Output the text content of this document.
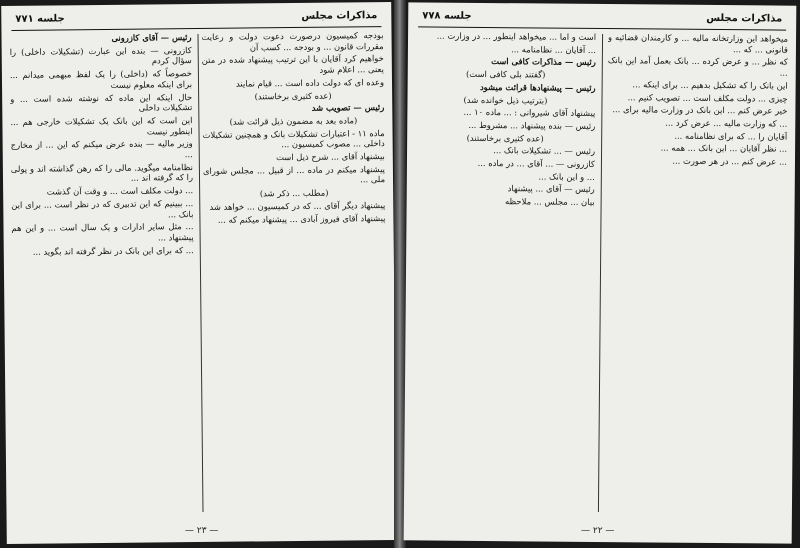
مذاکرات مجلس
جلسه ۷۷۱

بودجه کمیسیون درصورت دعوت دولت و رعایت مقررات قانون ... و بودجه ... کسب آن

خواهیم کرد آقایان با این ترتیب پیشنهاد شده در متن یعنی ... اعلام شود

وعده ای که دولت داده است ... قیام نمایند

(عده کثیری برخاستند)

رئیس — تصویب شد

(ماده بعد به مضمون ذیل قرائت شد)

ماده ۱۱ - اعتبارات تشکیلات بانک و همچنین تشکیلات داخلی ... مصوب کمیسیون ...

بیشنهاد آقای ... شرح ذیل است

پیشنهاد میکنم در ماده ... از قبیل ... مجلس شورای ملی ...

(مطلب ... ذکر شد)

پیشنهاد دیگر آقای ... که در کمیسیون ... خواهد شد

پیشنهاد آقای فیروز آبادی ... پیشنهاد میکنم که ...

رئیس — آقای کازرونی

کازرونی — بنده این عبارت (تشکیلات داخلی) را سؤال کردم

خصوصاً که (داخلی) را یک لفظ مبهمی میدانم ... برای اینکه معلوم نیست

حال اینکه این ماده که نوشته شده است ... و تشکیلات داخلی

این است که این بانک یک تشکیلات خارجی هم ... اینطور نیست

وزیر مالیه — بنده عرض میکنم که این ... از مخارج ...

نظامنامه میگوید. مالی را که رهن گذاشته اند و پولی را که گرفته اند ...

... دولت مکلف است ... و وقت آن گذشت

... ببینیم که این تدبیری که در نظر است ... برای این بانک ...

... مثل سایر ادارات و یک سال است ... و این هم پیشنهاد ...

... که برای این بانک در نظر گرفته اند بگوید ...

— ۲۳ —
مذاکرات مجلس
جلسه ۷۷۸

میخواهد این وزارتخانه مالیه ... و کارمندان قضائیه و قانونی ... که ...

که نظر ... و عرض کرده ... بانک بعمل آمد این بانک ...

این بانک را که تشکیل بدهیم ... برای اینکه ...

چیزی ... دولت مکلف است ... تصویب کنیم ...

خیر عرض کنم ... این بانک در وزارت مالیه برای ...

... که وزارت مالیه ... عرض کرد ...

آقایان را ... که برای نظامنامه ...

... نظر آقایان ... این بانک ... همه ...

... عرض کنم ... در هر صورت ...

است و اما ... میخواهد اینطور ... در وزارت ...

... آقایان ... نظامنامه ...

رئیس — مذاکرات کافی است

(گفتند بلی کافی است)

رئیس — پیشنهادها قرائت میشود

(بترتیب ذیل خوانده شد)

پیشنهاد آقای شیروانی : ... ماده ۱۰ ...

رئیس — بنده پیشنهاد ... مشروط ...

(عده کثیری برخاستند)

رئیس — ... تشکیلات بانک ...

کازرونی — ... آقای ... در ماده ...

... و این بانک ...

رئیس — آقای ... پیشنهاد

بیان ... مجلس ... ملاحظه

— ۲۲ —
